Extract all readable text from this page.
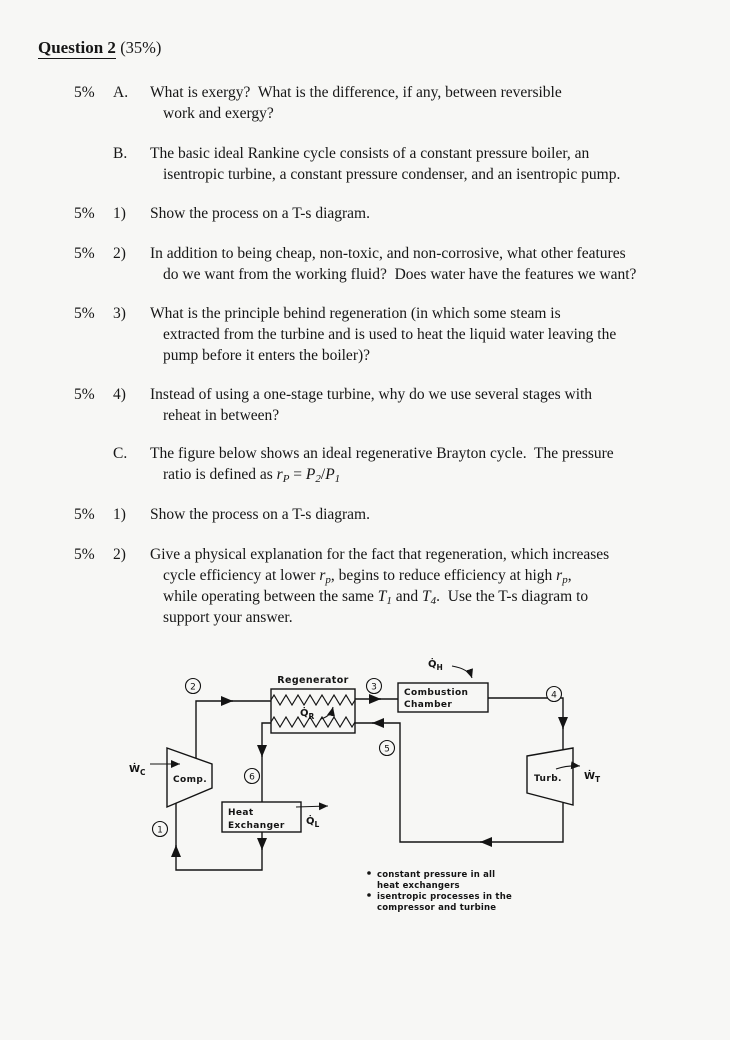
Question 2 (35%)
5% A. What is exergy?  What is the difference, if any, between reversible
work and exergy?
B. The basic ideal Rankine cycle consists of a constant pressure boiler, an
isentropic turbine, a constant pressure condenser, and an isentropic pump.
5% 1) Show the process on a T-s diagram.
5% 2) In addition to being cheap, non-toxic, and non-corrosive, what other features
do we want from the working fluid?  Does water have the features we want?
5% 3) What is the principle behind regeneration (in which some steam is
extracted from the turbine and is used to heat the liquid water leaving the
pump before it enters the boiler)?
5% 4) Instead of using a one-stage turbine, why do we use several stages with
reheat in between?
C. The figure below shows an ideal regenerative Brayton cycle.  The pressure
ratio is defined as rP = P2/P1
5% 1) Show the process on a T-s diagram.
5% 2) Give a physical explanation for the fact that regeneration, which increases
cycle efficiency at lower rp, begins to reduce efficiency at high rp,
while operating between the same T1 and T4.  Use the T-s diagram to
support your answer.
Regenerator
$Q̇_R$
Combustion
Chamber
$Q̇_H$
Comp.
Ẇ$_C$
Turb. Ẇ$_T$
Heat
Exchanger $Q̇_L$
1
2	3
4
5
6
constant pressure in all
heat exchangers
isentropic processes in the
compressor and turbine
